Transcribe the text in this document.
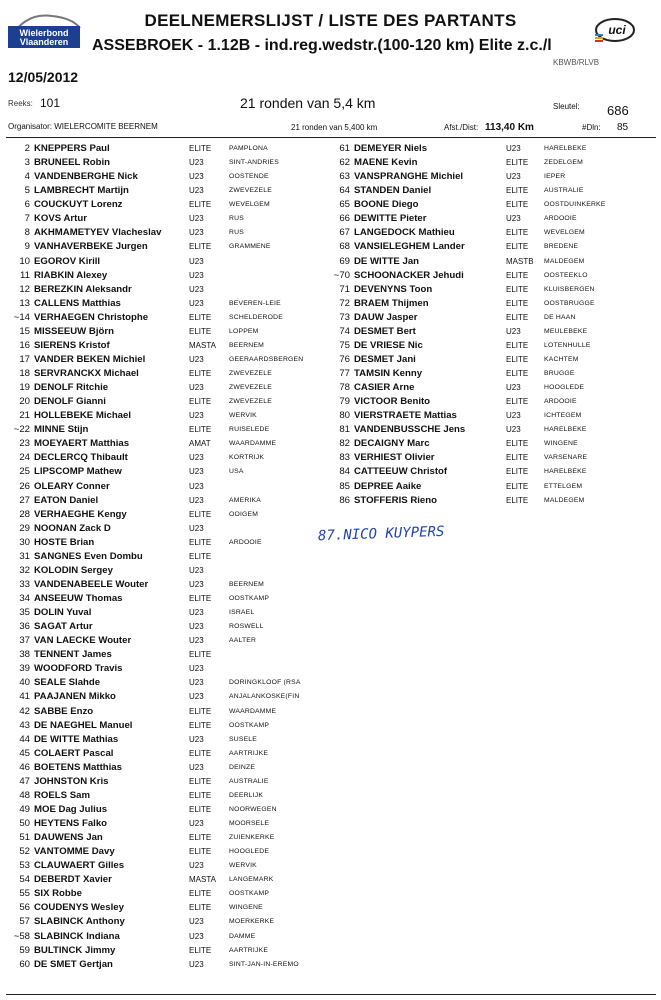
Wielerbond
Vlaanderen
uci
DEELNEMERSLIJST / LISTE DES PARTANTS
ASSEBROEK - 1.12B - ind.reg.wedstr.(100-120 km) Elite z.c./l
KBWB/RLVB
12/05/2012
Reeks: 101	21 ronden van 5,4 km	Sleutel: 686
Organisator: WIELERCOMITE BEERNEM	21 ronden van 5,400 km	Afst./Dist: 113,40 Km	#Dln: 85
2 KNEPPERS Paul	ELITE	PAMPLONA
3 BRUNEEL Robin	U23	SINT-ANDRIES
4 VANDENBERGHE Nick	U23	OOSTENDE
5 LAMBRECHT Martijn	U23	ZWEVEZELE
6 COUCKUYT Lorenz	ELITE	WEVELGEM
7 KOVS Artur	U23	RUS
8 AKHMAMETYEV Vlacheslav	U23	RUS
9 VANHAVERBEKE Jurgen	ELITE	GRAMMENE
10 EGOROV Kirill	U23
11 RIABKIN Alexey	U23
12 BEREZKIN Aleksandr	U23
13 CALLENS Matthias	U23	BEVEREN-LEIE
~14 VERHAEGEN Christophe	ELITE	SCHELDERODE
15 MISSEEUW Björn	ELITE	LOPPEM
16 SIERENS Kristof	MASTA BEERNEM
17 VANDER BEKEN Michiel	U23	GEERAARDSBERGEN
18 SERVRANCKX Michael	ELITE	ZWEVEZELE
19 DENOLF Ritchie	U23	ZWEVEZELE
20 DENOLF Gianni	ELITE	ZWEVEZELE
21 HOLLEBEKE Michael	U23	WERVIK
~22 MINNE Stijn	ELITE	RUISELEDE
23 MOEYAERT Matthias	AMAT	WAARDAMME
24 DECLERCQ Thibault	U23	KORTRIJK
25 LIPSCOMP Mathew	U23	USA
26 OLEARY Conner	U23
27 EATON Daniel	U23	AMERIKA
28 VERHAEGHE Kengy	ELITE	OOIGEM
29 NOONAN Zack D	U23
30 HOSTE Brian	ELITE	ARDOOIE
31 SANGNES Even Dombu	ELITE
32 KOLODIN Sergey	U23
33 VANDENABEELE Wouter	U23	BEERNEM
34 ANSEEUW Thomas	ELITE	OOSTKAMP
35 DOLIN Yuval	U23	ISRAEL
36 SAGAT Artur	U23	ROSWELL
37 VAN LAECKE Wouter	U23	AALTER
38 TENNENT James	ELITE
39 WOODFORD Travis	U23
40 SEALE Slahde	U23	DORINGKLOOF (RSA
41 PAAJANEN Mikko	U23	ANJALANKOSKE(FIN
42 SABBE Enzo	ELITE	WAARDAMME
43 DE NAEGHEL Manuel	ELITE	OOSTKAMP
44 DE WITTE Mathias	U23	SUSELE
45 COLAERT Pascal	ELITE	AARTRIJKE
46 BOETENS Matthias	U23	DEINZE
47 JOHNSTON Kris	ELITE	AUSTRALIE
48 ROELS Sam	ELITE	DEERLIJK
49 MOE Dag Julius	ELITE	NOORWEGEN
50 HEYTENS Falko	U23	MOORSELE
51 DAUWENS Jan	ELITE	ZUIENKERKE
52 VANTOMME Davy	ELITE	HOOGLEDE
53 CLAUWAERT Gilles	U23	WERVIK
54 DEBERDT Xavier	MASTA LANGEMARK
55 SIX Robbe	ELITE	OOSTKAMP
56 COUDENYS Wesley	ELITE	WINGENE
57 SLABINCK Anthony	U23	MOERKERKE
~58 SLABINCK Indiana	U23	DAMME
59 BULTINCK Jimmy	ELITE	AARTRIJKE
60 DE SMET Gertjan	U23	SINT-JAN-IN-EREMO
61 DEMEYER Niels	U23	HARELBEKE
62 MAENE Kevin	ELITE ZEDELGEM
63 VANSPRANGHE Michiel	U23	IEPER
64 STANDEN Daniel	ELITE AUSTRALIE
65 BOONE Diego	ELITE OOSTDUINKERKE
66 DEWITTE Pieter	U23	ARDOOIE
67 LANGEDOCK Mathieu	ELITE WEVELGEM
68 VANSIELEGHEM Lander	ELITE BREDENE
69 DE WITTE Jan	MASTB MALDEGEM
~70 SCHOONACKER Jehudi	ELITE OOSTEEKLO
71 DEVENYNS Toon	ELITE KLUISBERGEN
72 BRAEM Thijmen	ELITE OOSTBRUGGE
73 DAUW Jasper	ELITE DE HAAN
74 DESMET Bert	U23	MEULEBEKE
75 DE VRIESE Nic	ELITE LOTENHULLE
76 DESMET Jani	ELITE KACHTEM
77 TAMSIN Kenny	ELITE BRUGGE
78 CASIER Arne	U23	HOOGLEDE
79 VICTOOR Benito	ELITE ARDOOIE
80 VIERSTRAETE Mattias	U23	ICHTEGEM
81 VANDENBUSSCHE Jens	U23	HARELBEKE
82 DECAIGNY Marc	ELITE WINGENE
83 VERHIEST Olivier	ELITE VARSENARE
84 CATTEEUW Christof	ELITE HARELBEKE
85 DEPREE Aaike	ELITE ETTELGEM
86 STOFFERIS Rieno	ELITE MALDEGEM
87.NICO KUYPERS
